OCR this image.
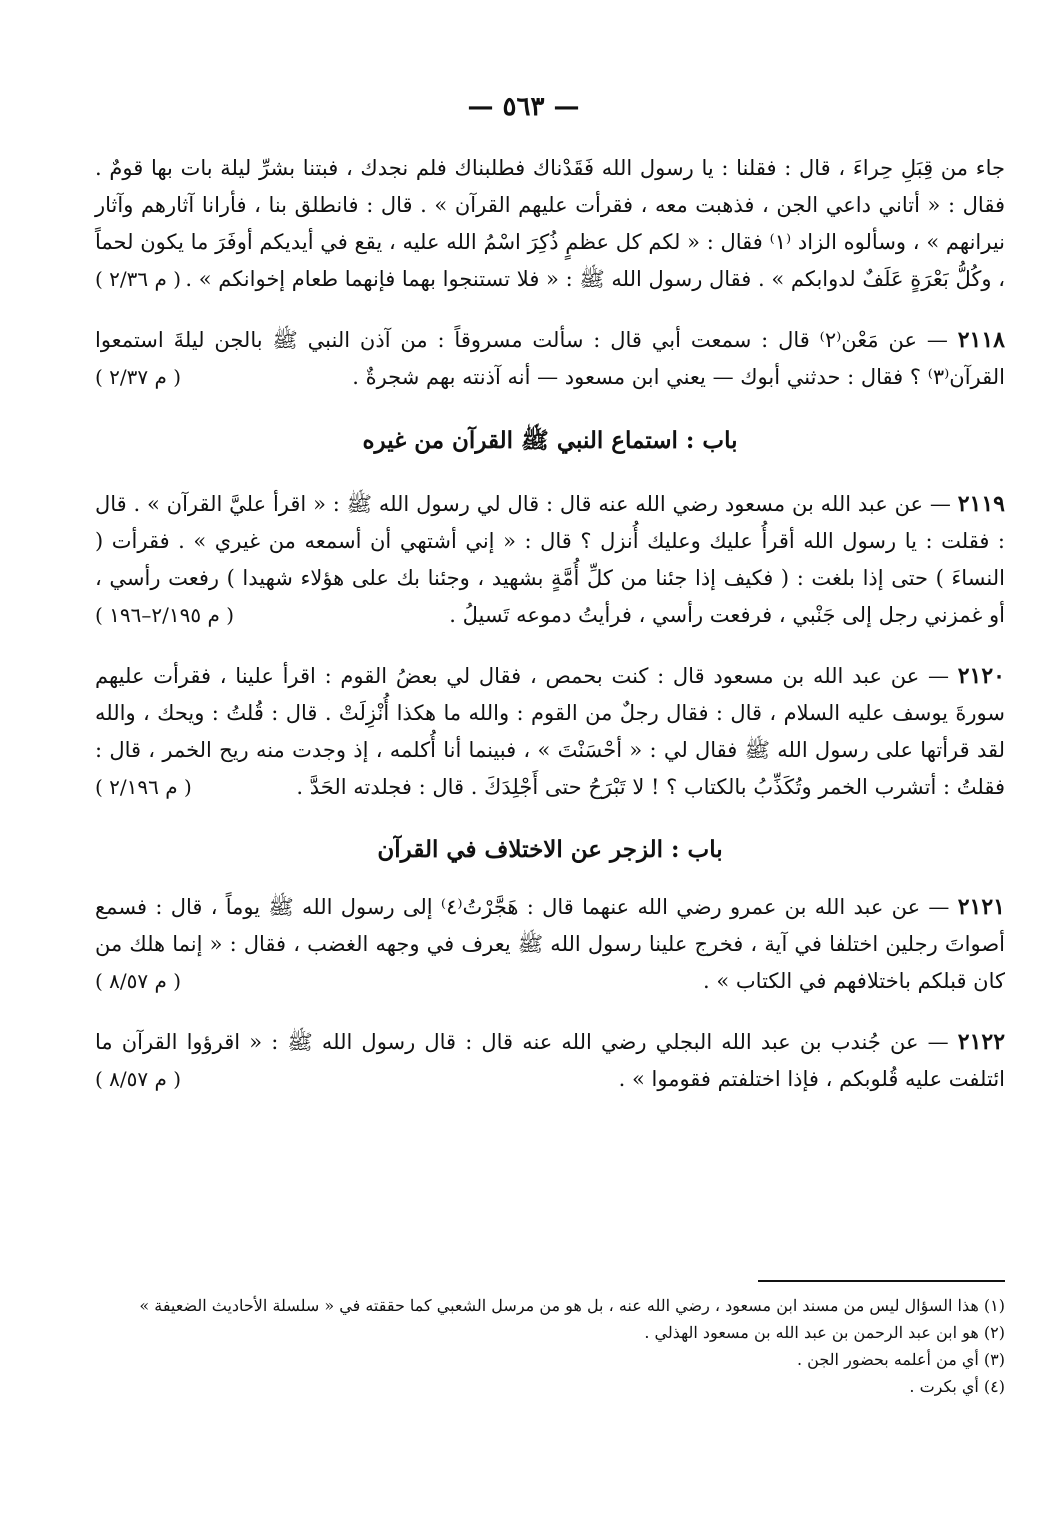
— ٥٦٣ —

جاء من قِبَلِ حِراءَ ، قال : فقلنا : يا رسول الله فَقَدْناك فطلبناك فلم نجدك ، فبتنا بشرِّ ليلة بات بها قومٌ . فقال : « أتاني داعي الجن ، فذهبت معه ، فقرأت عليهم القرآن » . قال : فانطلق بنا ، فأرانا آثارهم وآثار نيرانهم » ، وسألوه الزاد ⁽١⁾ فقال : « لكم كل عظمٍ ذُكِرَ اسْمُ الله عليه ، يقع في أيديكم أوفَرَ ما يكون لحماً ، وكُلُّ بَعْرَةٍ عَلَفٌ لدوابكم » . فقال رسول الله ﷺ : « فلا تستنجوا بهما فإنهما طعام إخوانكم » .
( م ٢/٣٦ )

٢١١٨ — عن مَعْن⁽٢⁾ قال : سمعت أبي قال : سألت مسروقاً : من آذن النبي ﷺ بالجن ليلةَ استمعوا القرآن⁽٣⁾ ؟ فقال : حدثني أبوك — يعني ابن مسعود — أنه آذنته بهم شجرةٌ .
( م ٢/٣٧ )

باب : استماع النبي ﷺ القرآن من غيره

٢١١٩ — عن عبد الله بن مسعود رضي الله عنه قال : قال لي رسول الله ﷺ : « اقرأ عليَّ القرآن » . قال : فقلت : يا رسول الله أقرأُ عليك وعليك أُنزل ؟ قال : « إني أشتهي أن أسمعه من غيري » . فقرأت ( النساءَ ) حتى إذا بلغت : ( فكيف إذا جئنا من كلِّ أُمَّةٍ بشهيد ، وجئنا بك على هؤلاء شهيدا ) رفعت رأسي ، أو غمزني رجل إلى جَنْبي ، فرفعت رأسي ، فرأيتُ دموعه تَسيلُ .
( م ٢/١٩٥–١٩٦ )

٢١٢٠ — عن عبد الله بن مسعود قال : كنت بحمص ، فقال لي بعضُ القوم : اقرأ علينا ، فقرأت عليهم سورةَ يوسف عليه السلام ، قال : فقال رجلٌ من القوم : والله ما هكذا أُنْزِلَتْ . قال : قُلتُ : ويحك ، والله لقد قرأتها على رسول الله ﷺ فقال لي : « أحْسَنْتَ » ، فبينما أنا أُكلمه ، إذ وجدت منه ريح الخمر ، قال : فقلتُ : أتشرب الخمر وتُكَذِّبُ بالكتاب ؟ ! لا تَبْرَحُ حتى أَجْلِدَكَ . قال : فجلدته الحَدَّ .
( م ٢/١٩٦ )

باب : الزجر عن الاختلاف في القرآن

٢١٢١ — عن عبد الله بن عمرو رضي الله عنهما قال : هَجَّرْتُ⁽٤⁾ إلى رسول الله ﷺ يوماً ، قال : فسمع أصواتَ رجلين اختلفا في آية ، فخرج علينا رسول الله ﷺ يعرف في وجهه الغضب ، فقال : « إنما هلك من كان قبلكم باختلافهم في الكتاب » .
( م ٨/٥٧ )

٢١٢٢ — عن جُندب بن عبد الله البجلي رضي الله عنه قال : قال رسول الله ﷺ : « اقرؤوا القرآن ما ائتلفت عليه قُلوبكم ، فإذا اختلفتم فقوموا » .
( م ٨/٥٧ )

(١) هذا السؤال ليس من مسند ابن مسعود ، رضي الله عنه ، بل هو من مرسل الشعبي كما حققته في « سلسلة الأحاديث الضعيفة »

(٢) هو ابن عبد الرحمن بن عبد الله بن مسعود الهذلي .

(٣) أي من أعلمه بحضور الجن .

(٤) أي بكرت .
